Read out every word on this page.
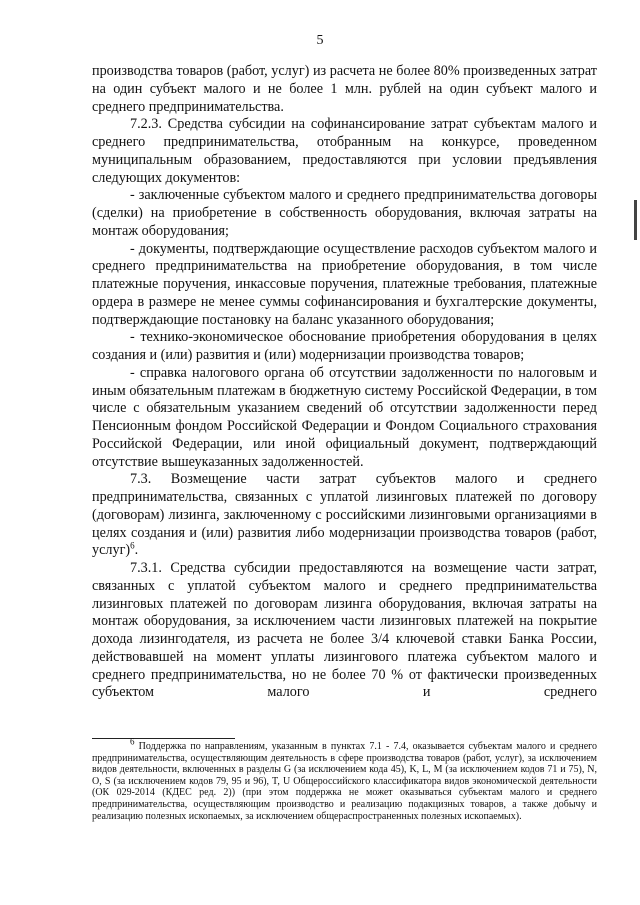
5

производства товаров (работ, услуг) из расчета не более 80% произведенных затрат на один субъект малого и не более 1 млн. рублей на один субъект малого и среднего предпринимательства.

7.2.3. Средства субсидии на софинансирование затрат субъектам малого и среднего предпринимательства, отобранным на конкурсе, проведенном муниципальным образованием, предоставляются при условии предъявления следующих документов:

- заключенные субъектом малого и среднего предпринимательства договоры (сделки) на приобретение в собственность оборудования, включая затраты на монтаж оборудования;

- документы, подтверждающие осуществление расходов субъектом малого и среднего предпринимательства на приобретение оборудования, в том числе платежные поручения, инкассовые поручения, платежные требования, платежные ордера в размере не менее суммы софинансирования и бухгалтерские документы, подтверждающие постановку на баланс указанного оборудования;

- технико-экономическое обоснование приобретения оборудования в целях создания и (или) развития и (или) модернизации производства товаров;

- справка налогового органа об отсутствии задолженности по налоговым и иным обязательным платежам в бюджетную систему Российской Федерации, в том числе с обязательным указанием сведений об отсутствии задолженности перед Пенсионным фондом Российской Федерации и Фондом Социального страхования Российской Федерации, или иной официальный документ, подтверждающий отсутствие вышеуказанных задолженностей.

7.3. Возмещение части затрат субъектов малого и среднего предпринимательства, связанных с уплатой лизинговых платежей по договору (договорам) лизинга, заключенному с российскими лизинговыми организациями в целях создания и (или) развития либо модернизации производства товаров (работ, услуг)$^6$.

7.3.1. Средства субсидии предоставляются на возмещение части затрат, связанных с уплатой субъектом малого и среднего предпринимательства лизинговых платежей по договорам лизинга оборудования, включая затраты на монтаж оборудования, за исключением части лизинговых платежей на покрытие дохода лизингодателя, из расчета не более 3/4 ключевой ставки Банка России, действовавшей на момент уплаты лизингового платежа субъектом малого и среднего предпринимательства, но не более 70 % от фактически произведенных субъектом малого и среднего

$^6$ Поддержка по направлениям, указанным в пунктах 7.1 - 7.4, оказывается субъектам малого и среднего предпринимательства, осуществляющим деятельность в сфере производства товаров (работ, услуг), за исключением видов деятельности, включенных в разделы G (за исключением кода 45), K, L, M (за исключением кодов 71 и 75), N, O, S (за исключением кодов 79, 95 и 96), T, U Общероссийского классификатора видов экономической деятельности (ОК 029-2014 (КДЕС ред. 2)) (при этом поддержка не может оказываться субъектам малого и среднего предпринимательства, осуществляющим производство и реализацию подакцизных товаров, а также добычу и реализацию полезных ископаемых, за исключением общераспространенных полезных ископаемых).
